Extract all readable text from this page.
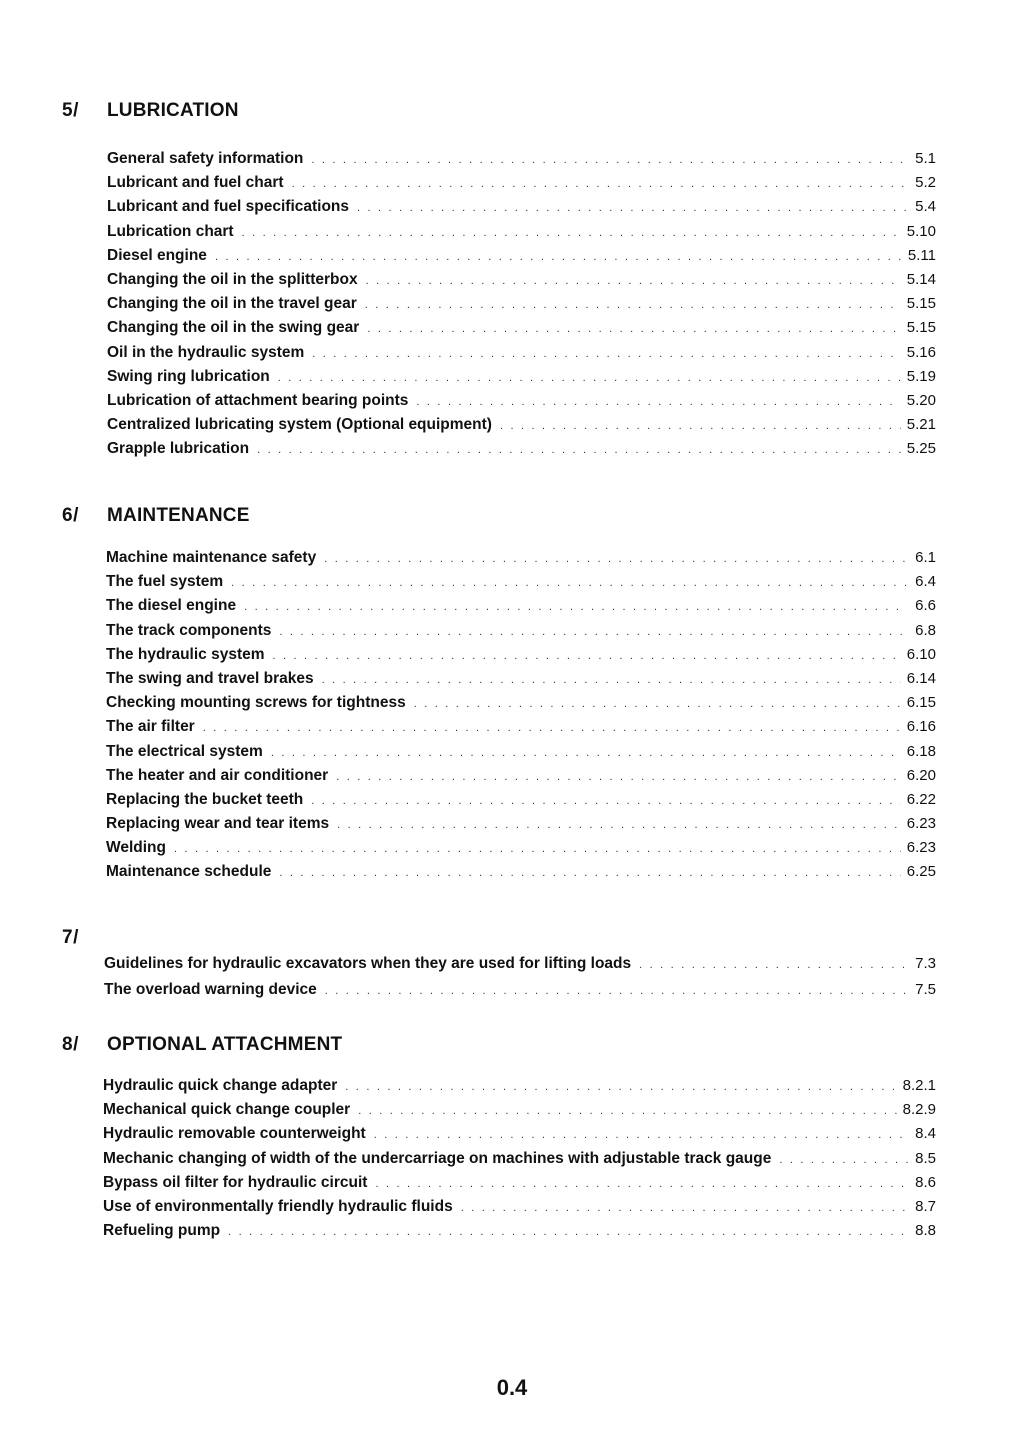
5/ LUBRICATION
General safety information . . .	5.1
Lubricant and fuel chart . . .	5.2
Lubricant and fuel specifications . . .	5.4
Lubrication chart . . .	5.10
Diesel engine . . .	5.11
Changing the oil in the splitterbox . . .	5.14
Changing the oil in the travel gear . . .	5.15
Changing the oil in the swing gear . . .	5.15
Oil in the hydraulic system . . .	5.16
Swing ring lubrication . . .	5.19
Lubrication of attachment bearing points . . .	5.20
Centralized lubricating system (Optional equipment) . . .	5.21
Grapple lubrication . . .	5.25
6/ MAINTENANCE
Machine maintenance safety . . .	6.1
The fuel system . . .	6.4
The diesel engine . . .	6.6
The track components . . .	6.8
The hydraulic system . . .	6.10
The swing and travel brakes . . .	6.14
Checking mounting screws for tightness . . .	6.15
The air filter . . .	6.16
The electrical system . . .	6.18
The heater and air conditioner . . .	6.20
Replacing the bucket teeth . . .	6.22
Replacing wear and tear items . . .	6.23
Welding . . .	6.23
Maintenance schedule . . .	6.25
7/
Guidelines for hydraulic excavators when they are used for lifting loads . . .	7.3
The overload warning device . . .	7.5
8/ OPTIONAL ATTACHMENT
Hydraulic quick change adapter . . .	8.2.1
Mechanical quick change coupler . . .	8.2.9
Hydraulic removable counterweight . . .	8.4
Mechanic changing of width of the undercarriage on machines with adjustable track gauge . . .	8.5
Bypass oil filter for hydraulic circuit . . .	8.6
Use of environmentally friendly hydraulic fluids . . .	8.7
Refueling pump . . .	8.8
0.4
